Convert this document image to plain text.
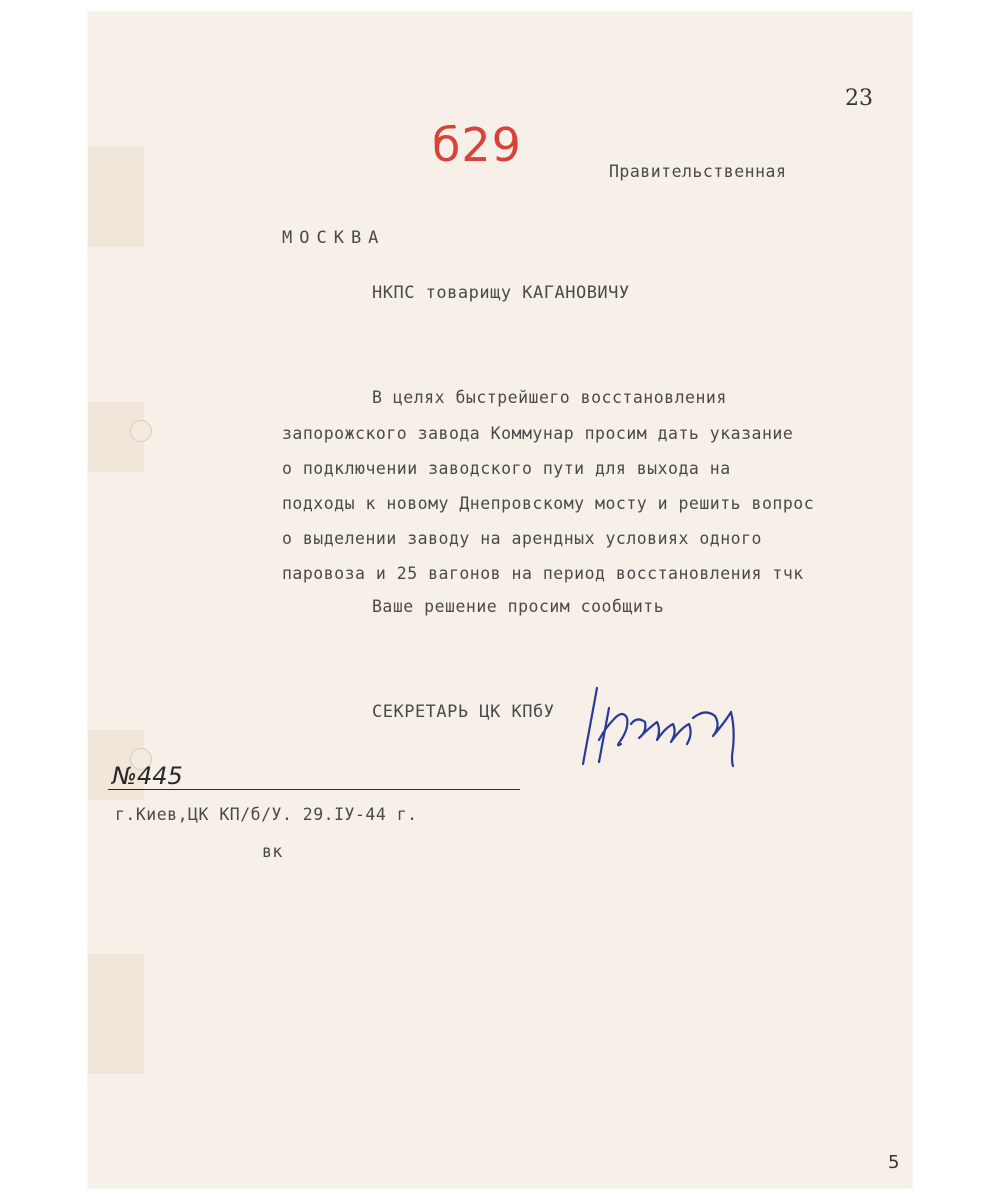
б29
23
Правительственная
МОСКВА
НКПС товарищу КАГАНОВИЧУ
В целях быстрейшего восстановления
запорожского завода Коммунар просим дать указание
о подключении заводского пути для выхода на
подходы к новому Днепровскому мосту и решить вопрос
о выделении заводу на арендных условиях одного
паровоза и 25 вагонов на период восстановления тчк
Ваше решение просим сообщить
СЕКРЕТАРЬ ЦК КПбУ
№445
г.Киев,ЦК КП/б/У. 29.IУ-44 г.
вк
5
